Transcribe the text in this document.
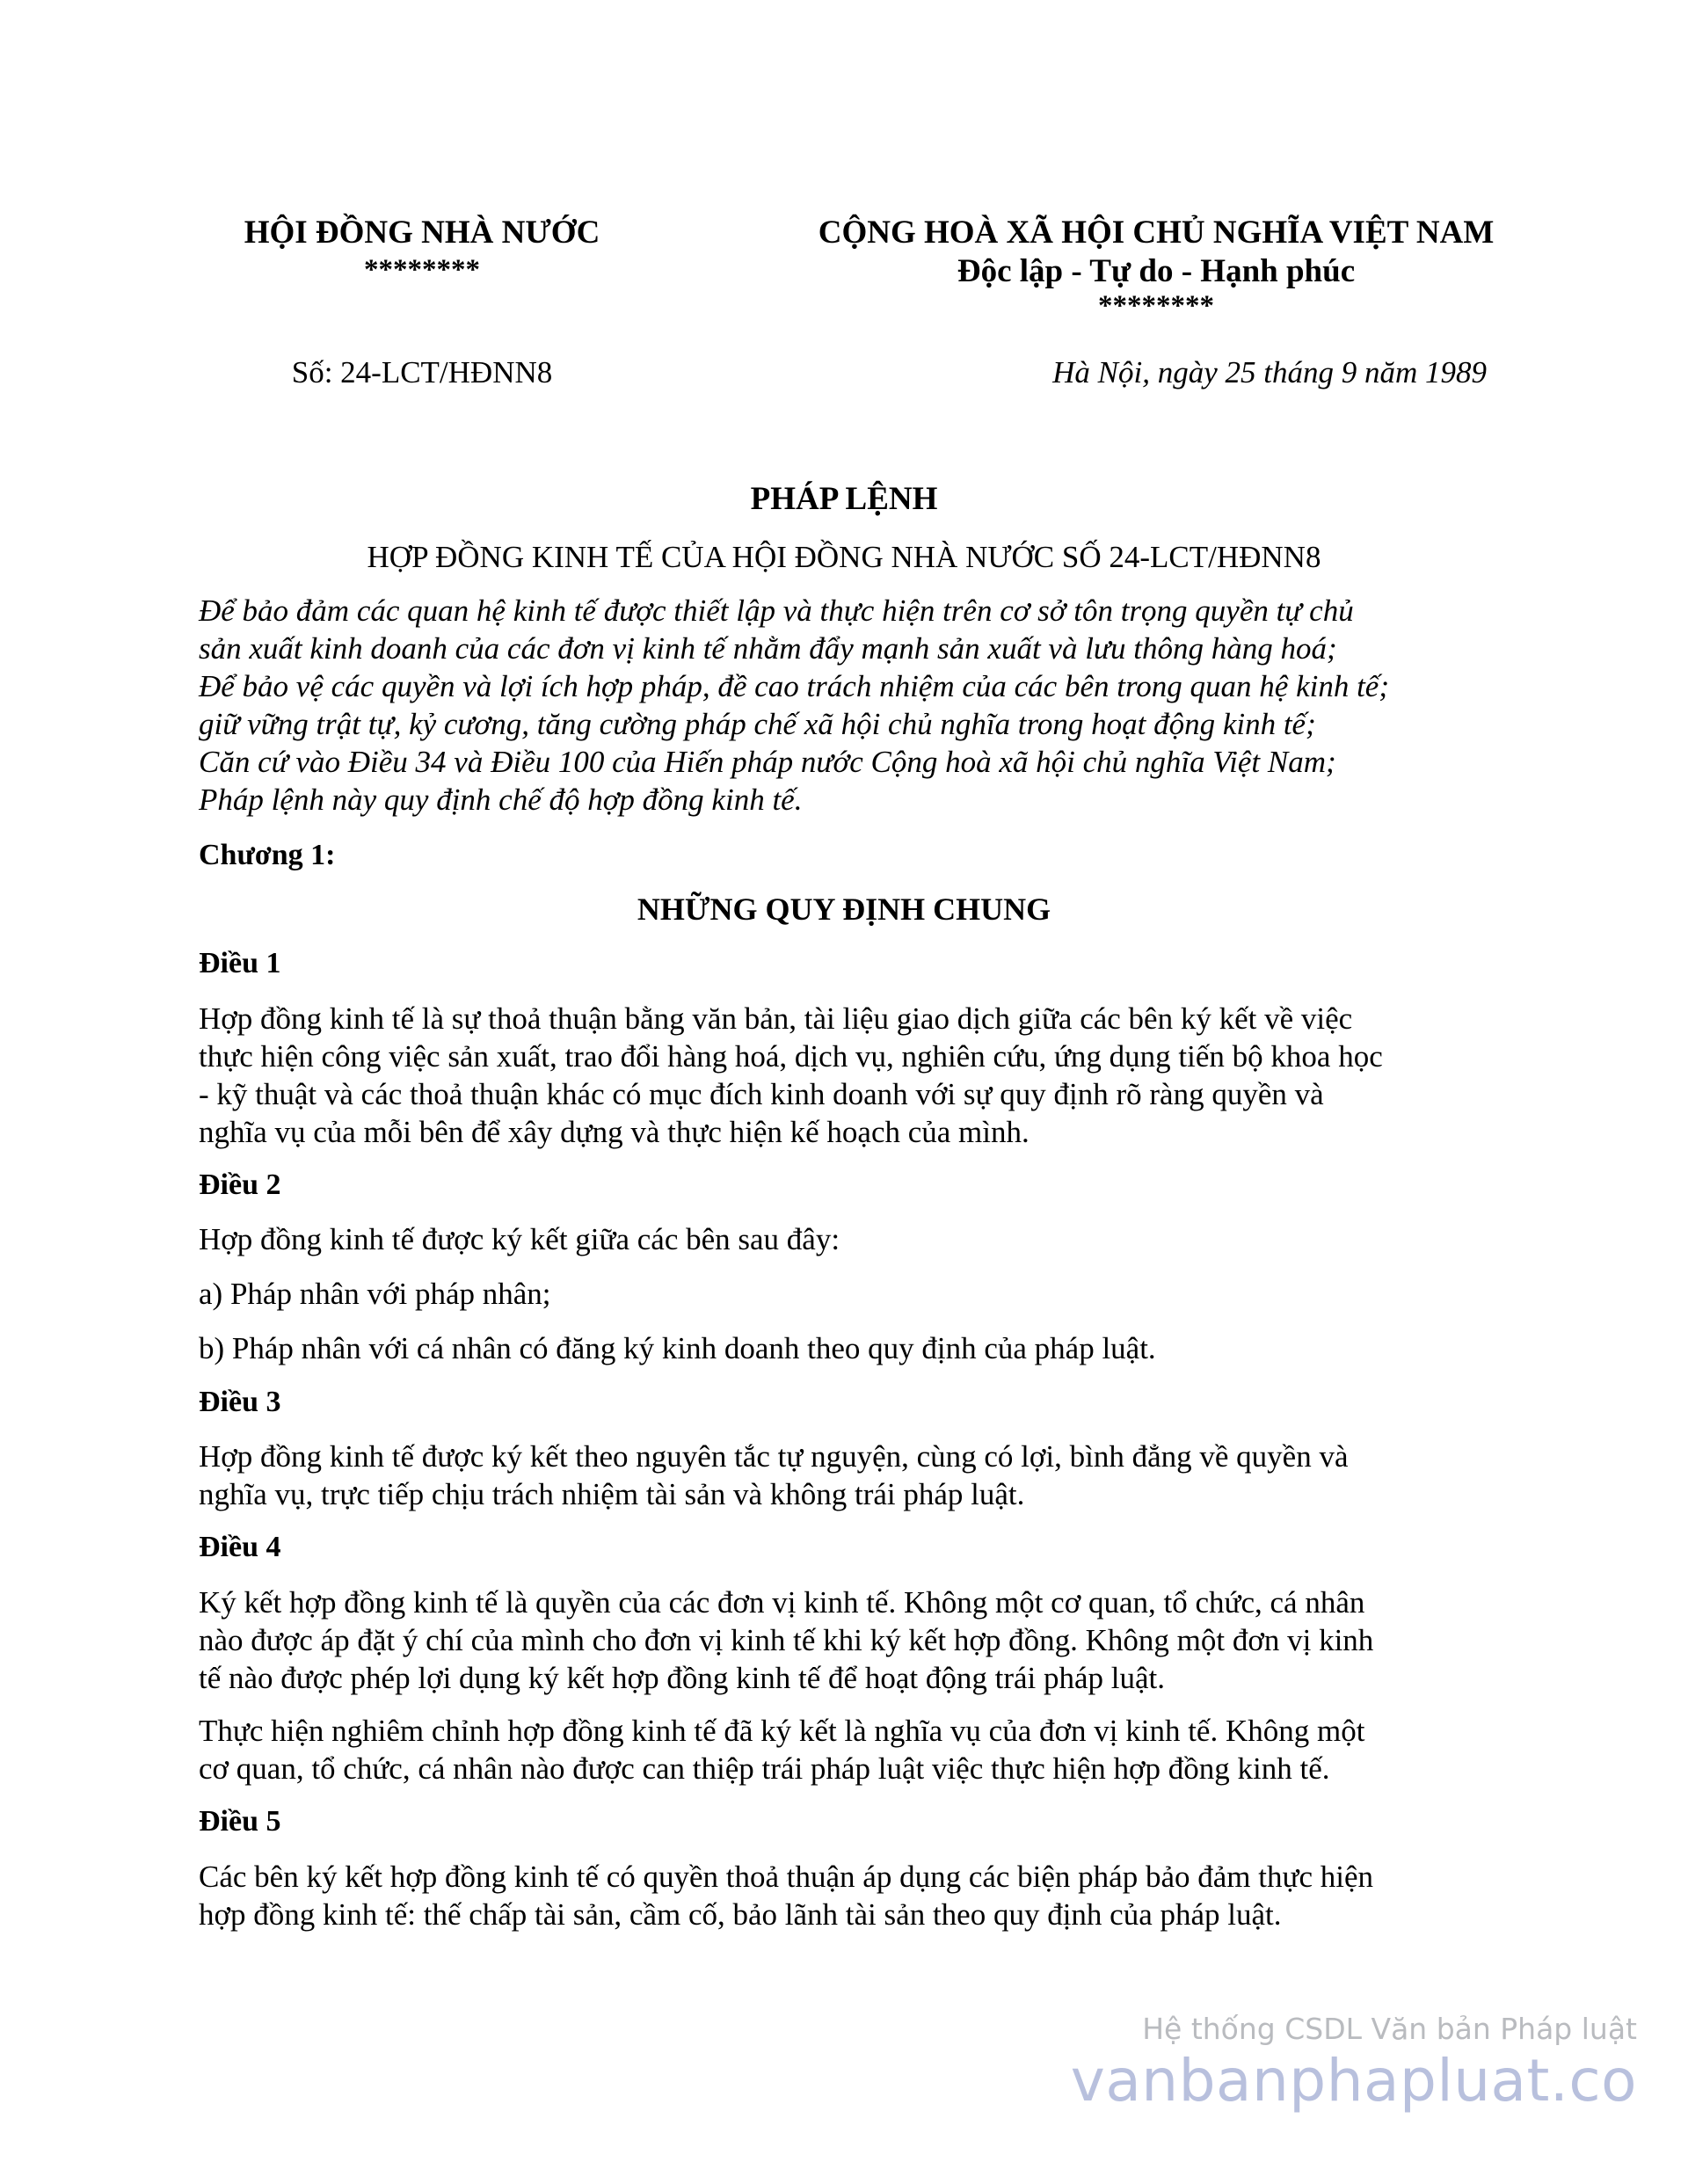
HỘI ĐỒNG NHÀ NƯỚC
********
CỘNG HOÀ XÃ HỘI CHỦ NGHĨA VIỆT NAM
Độc lập - Tự do - Hạnh phúc
********
Số: 24-LCT/HĐNN8	Hà Nội, ngày 25 tháng 9 năm 1989
PHÁP LỆNH
HỢP ĐỒNG KINH TẾ CỦA HỘI ĐỒNG NHÀ NƯỚC SỐ 24-LCT/HĐNN8
Để bảo đảm các quan hệ kinh tế được thiết lập và thực hiện trên cơ sở tôn trọng quyền tự chủ
sản xuất kinh doanh của các đơn vị kinh tế nhằm đẩy mạnh sản xuất và lưu thông hàng hoá;
Để bảo vệ các quyền và lợi ích hợp pháp, đề cao trách nhiệm của các bên trong quan hệ kinh tế;
giữ vững trật tự, kỷ cương, tăng cường pháp chế xã hội chủ nghĩa trong hoạt động kinh tế;
Căn cứ vào Điều 34 và Điều 100 của Hiến pháp nước Cộng hoà xã hội chủ nghĩa Việt Nam;
Pháp lệnh này quy định chế độ hợp đồng kinh tế.
Chương 1:
NHỮNG QUY ĐỊNH CHUNG
Điều 1
Hợp đồng kinh tế là sự thoả thuận bằng văn bản, tài liệu giao dịch giữa các bên ký kết về việc
thực hiện công việc sản xuất, trao đổi hàng hoá, dịch vụ, nghiên cứu, ứng dụng tiến bộ khoa học
- kỹ thuật và các thoả thuận khác có mục đích kinh doanh với sự quy định rõ ràng quyền và
nghĩa vụ của mỗi bên để xây dựng và thực hiện kế hoạch của mình.
Điều 2
Hợp đồng kinh tế được ký kết giữa các bên sau đây:
a) Pháp nhân với pháp nhân;
b) Pháp nhân với cá nhân có đăng ký kinh doanh theo quy định của pháp luật.
Điều 3
Hợp đồng kinh tế được ký kết theo nguyên tắc tự nguyện, cùng có lợi, bình đẳng về quyền và
nghĩa vụ, trực tiếp chịu trách nhiệm tài sản và không trái pháp luật.
Điều 4
Ký kết hợp đồng kinh tế là quyền của các đơn vị kinh tế. Không một cơ quan, tổ chức, cá nhân
nào được áp đặt ý chí của mình cho đơn vị kinh tế khi ký kết hợp đồng. Không một đơn vị kinh
tế nào được phép lợi dụng ký kết hợp đồng kinh tế để hoạt động trái pháp luật.
Thực hiện nghiêm chỉnh hợp đồng kinh tế đã ký kết là nghĩa vụ của đơn vị kinh tế. Không một
cơ quan, tổ chức, cá nhân nào được can thiệp trái pháp luật việc thực hiện hợp đồng kinh tế.
Điều 5
Các bên ký kết hợp đồng kinh tế có quyền thoả thuận áp dụng các biện pháp bảo đảm thực hiện
hợp đồng kinh tế: thế chấp tài sản, cầm cố, bảo lãnh tài sản theo quy định của pháp luật.
Hệ thống CSDL Văn bản Pháp luật
vanbanphapluat.co
